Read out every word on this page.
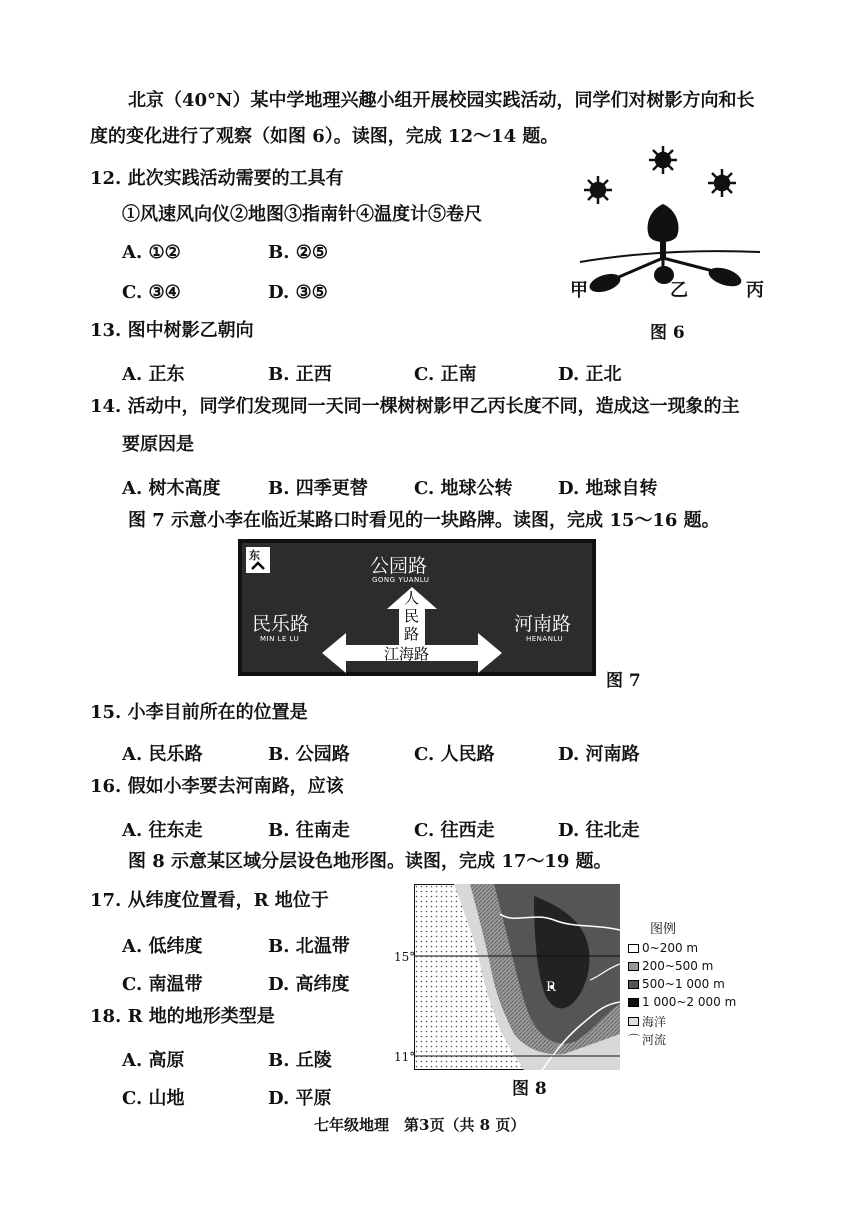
北京（40°N）某中学地理兴趣小组开展校园实践活动，同学们对树影方向和长
度的变化进行了观察（如图 6）。读图，完成 12～14 题。
12. 此次实践活动需要的工具有
①风速风向仪②地图③指南针④温度计⑤卷尺
A. ①②	B. ②⑤
C. ③④	D. ③⑤	甲	乙	丙
图 6
13. 图中树影乙朝向
A. 正东	B. 正西	C. 正南	D. 正北
14. 活动中，同学们发现同一天同一棵树树影甲乙丙长度不同，造成这一现象的主
要原因是
A. 树木高度	B. 四季更替	C. 地球公转	D. 地球自转
图 7 示意小李在临近某路口时看见的一块路牌。读图，完成 15～16 题。
东	公园路
GONG YUANLU
民乐路
MIN LE LU
河南路
HENANLU
民
路
人
江海路
图 7
15. 小李目前所在的位置是
A. 民乐路	B. 公园路	C. 人民路	D. 河南路
16. 假如小李要去河南路，应该
A. 往东走	B. 往南走	C. 往西走	D. 往北走
图 8 示意某区域分层设色地形图。读图，完成 17～19 题。
17. 从纬度位置看，R 地位于
A. 低纬度	B. 北温带
C. 南温带	D. 高纬度
18. R 地的地形类型是
A. 高原	B. 丘陵
C. 山地	D. 平原
15°
11°
R
图例
0~200 m
200~500 m
500~1 000 m
1 000~2 000 m
海洋
⌒ 河流
图 8
七年级地理　第3页（共 8 页）
